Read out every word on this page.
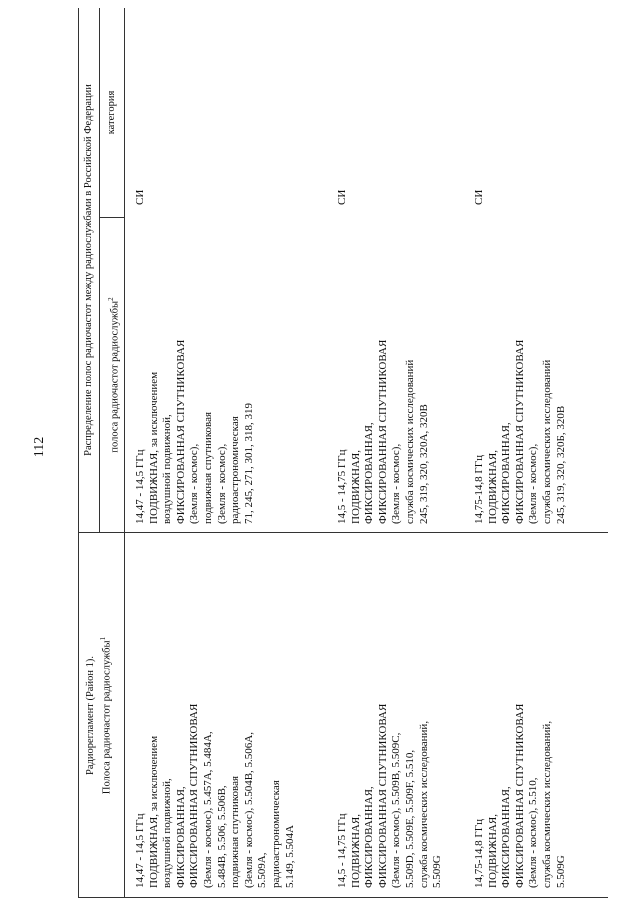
112
Радиорегламент (Район 1). Полоса радиочастот радиослужбы$^1$
Распределение полос радиочастот между радиослужбами в Российской Федерации	полоса радиочастот радиослужбы$^2$
категория
14,47 - 14,5 ГГц ПОДВИЖНАЯ, за исключением воздушной подвижной, ФИКСИРОВАННАЯ, ФИКСИРОВАННАЯ СПУТНИКОВАЯ (Земля - космос), 5.457А, 5.484А, 5.484В, 5.506, 5.506В, подвижная спутниковая (Земля - космос), 5.504В, 5.506А, 5.509А, радиоастрономическая 5.149, 5.504А
14,47 - 14,5 ГГц ПОДВИЖНАЯ, за исключением воздушной подвижной, ФИКСИРОВАННАЯ СПУТНИКОВАЯ (Земля - космос), подвижная спутниковая (Земля - космос), радиоастрономическая 71, 245, 271, 301, 318, 319
СИ
14,5 - 14,75 ГГц ПОДВИЖНАЯ, ФИКСИРОВАННАЯ, ФИКСИРОВАННАЯ СПУТНИКОВАЯ (Земля - космос), 5.509В, 5.509С, 5.509D, 5.509Е, 5.509F, 5.510, служба космических исследований, 5.509G
14,5 - 14,75 ГГц ПОДВИЖНАЯ, ФИКСИРОВАННАЯ, ФИКСИРОВАННАЯ СПУТНИКОВАЯ (Земля - космос), служба космических исследований 245, 319, 320, 320А, 320В
СИ
14,75-14,8 ГГц ПОДВИЖНАЯ, ФИКСИРОВАННАЯ, ФИКСИРОВАННАЯ СПУТНИКОВАЯ (Земля - космос), 5.510, служба космических исследований, 5.509G
14,75-14,8 ГГц ПОДВИЖНАЯ, ФИКСИРОВАННАЯ, ФИКСИРОВАННАЯ СПУТНИКОВАЯ (Земля - космос), служба космических исследований 245, 319, 320, 320Б, 320В
СИ
